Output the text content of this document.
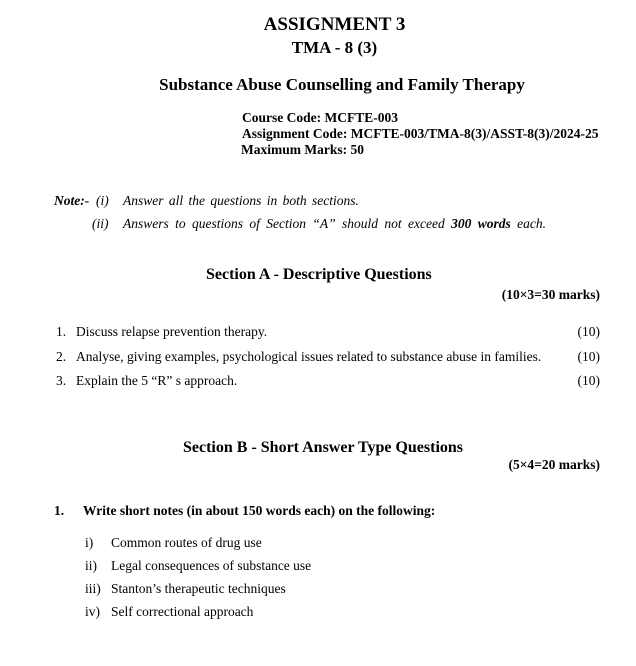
ASSIGNMENT 3
TMA - 8 (3)
Substance Abuse Counselling and Family Therapy
Course Code: MCFTE-003
Assignment Code: MCFTE-003/TMA-8(3)/ASST-8(3)/2024-25
Maximum Marks: 50
Note:- (i) Answer all the questions in both sections.
(ii) Answers to questions of Section “A” should not exceed 300 words each.
Section A - Descriptive Questions
(10×3=30 marks)
1. Discuss relapse prevention therapy.	(10)
2. Analyse, giving examples, psychological issues related to substance abuse in families.	(10)
3. Explain the 5 “R” s approach.	(10)
Section B - Short Answer Type Questions
(5×4=20 marks)
1. Write short notes (in about 150 words each) on the following:
i) Common routes of drug use
ii) Legal consequences of substance use
iii) Stanton’s therapeutic techniques
iv) Self correctional approach
